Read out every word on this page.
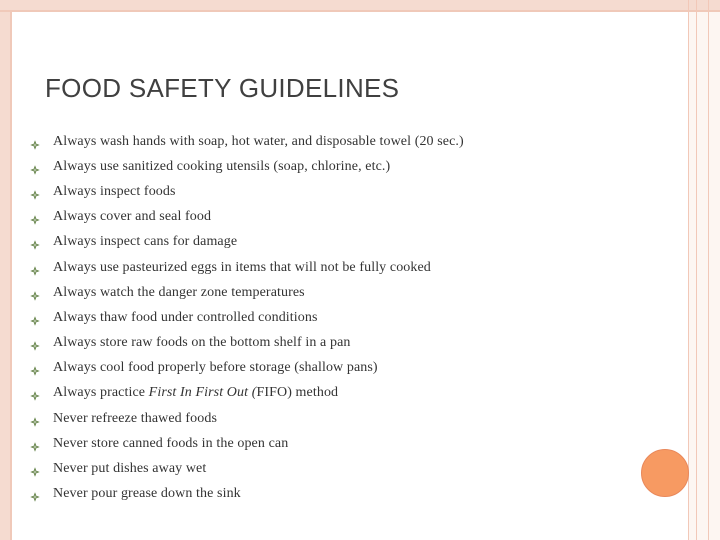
FOOD SAFETY GUIDELINES
Always wash hands with soap, hot water, and disposable towel (20 sec.)
Always use sanitized cooking utensils (soap, chlorine, etc.)
Always inspect foods
Always cover and seal food
Always inspect cans for damage
Always use pasteurized eggs in items that will not be fully cooked
Always watch the danger zone temperatures
Always thaw food under controlled conditions
Always store raw foods on the bottom shelf in a pan
Always cool food properly before storage (shallow pans)
Always practice First In First Out (FIFO) method
Never refreeze thawed foods
Never store canned foods in the open can
Never put dishes away wet
Never pour grease down the sink
